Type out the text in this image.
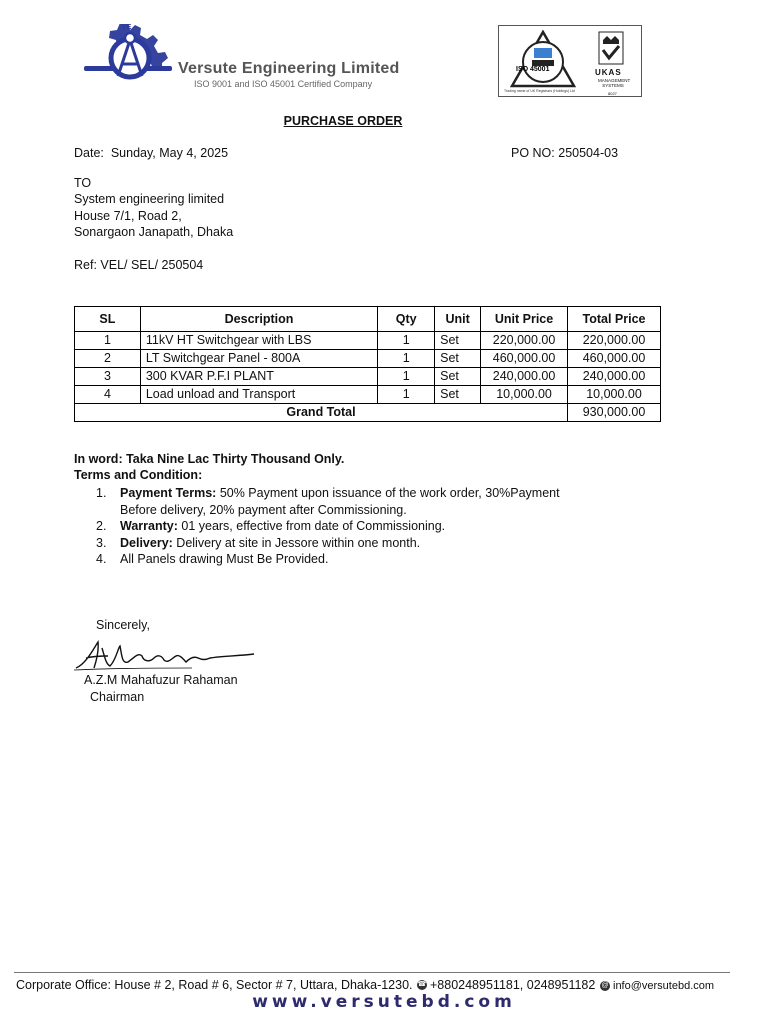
VE
Versute Engineering Limited
ISO 9001 and ISO 45001 Certified Company
ISO 45001
Trading name of UK Registrars (Holdings) Ltd
UKAS
MANAGEMENT SYSTEMS
8027
PURCHASE ORDER
Date: Sunday, May 4, 2025	PO NO: 250504-03
TO
System engineering limited
House 7/1, Road 2,
Sonargaon Janapath, Dhaka
Ref: VEL/ SEL/ 250504
SL	Description	Qty	Unit	Unit Price	Total Price
1	11kV HT Switchgear with LBS	1	Set	220,000.00	220,000.00
2	LT Switchgear Panel - 800A	1	Set	460,000.00	460,000.00
3	300 KVAR P.F.I PLANT	1	Set	240,000.00	240,000.00
4	Load unload and Transport	1	Set	10,000.00	10,000.00
Grand Total					930,000.00
In word: Taka Nine Lac Thirty Thousand Only.
Terms and Condition:
1.	Payment Terms: 50% Payment upon issuance of the work order, 30%Payment Before delivery, 20% payment after Commissioning.
2.	Warranty: 01 years, effective from date of Commissioning.
3.	Delivery: Delivery at site in Jessore within one month.
4.	All Panels drawing Must Be Provided.
Sincerely,
A.Z.M Mahafuzur Rahaman
Chairman
Corporate Office: House # 2, Road # 6, Sector # 7, Uttara, Dhaka-1230. ☎ +880248951181, 0248951182 @ info@versutebd.com
www.versutebd.com
